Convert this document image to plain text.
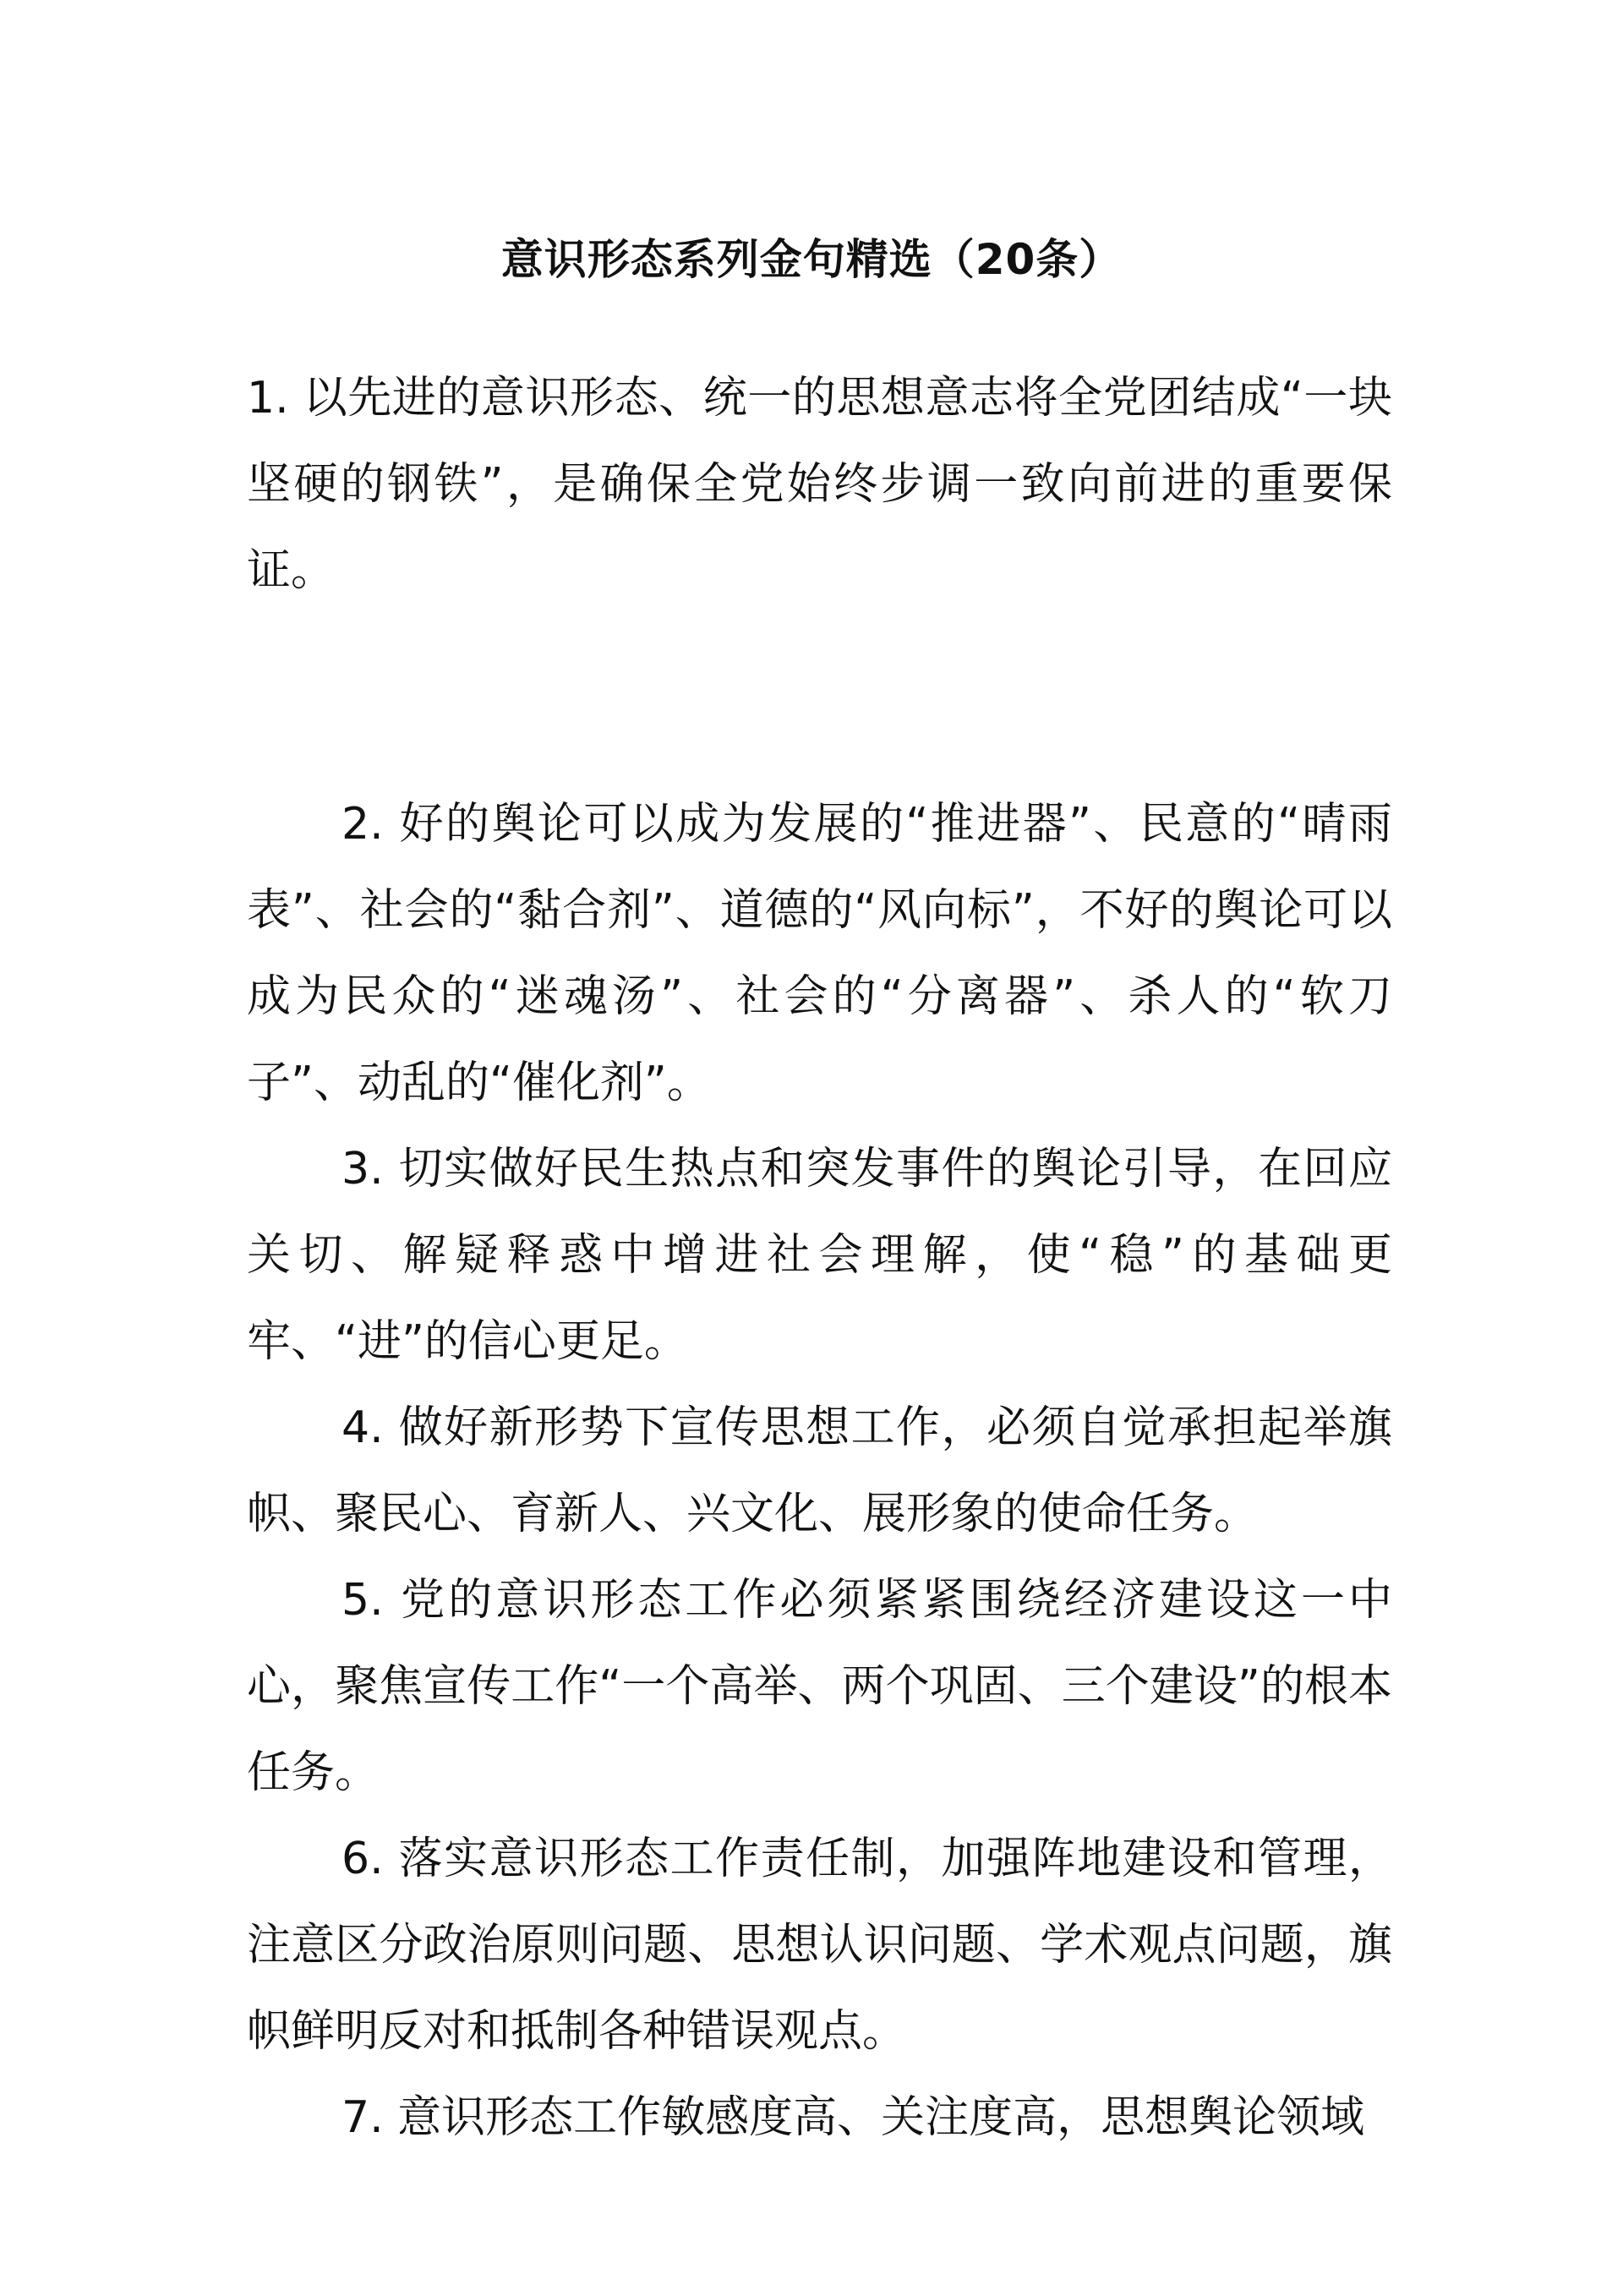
意识形态系列金句精选（20条）

1. 以先进的意识形态、统一的思想意志将全党团结成“一块坚硬的钢铁”，是确保全党始终步调一致向前进的重要保证。

2. 好的舆论可以成为发展的“推进器”、民意的“晴雨表”、社会的“黏合剂”、道德的“风向标”，不好的舆论可以成为民众的“迷魂汤”、社会的“分离器”、杀人的“软刀子”、动乱的“催化剂”。

3. 切实做好民生热点和突发事件的舆论引导，在回应关切、解疑释惑中增进社会理解，使“稳”的基础更牢、“进”的信心更足。

4. 做好新形势下宣传思想工作，必须自觉承担起举旗帜、聚民心、育新人、兴文化、展形象的使命任务。

5. 党的意识形态工作必须紧紧围绕经济建设这一中心，聚焦宣传工作“一个高举、两个巩固、三个建设”的根本任务。

6. 落实意识形态工作责任制，加强阵地建设和管理，注意区分政治原则问题、思想认识问题、学术观点问题，旗帜鲜明反对和抵制各种错误观点。

7. 意识形态工作敏感度高、关注度高，思想舆论领域
